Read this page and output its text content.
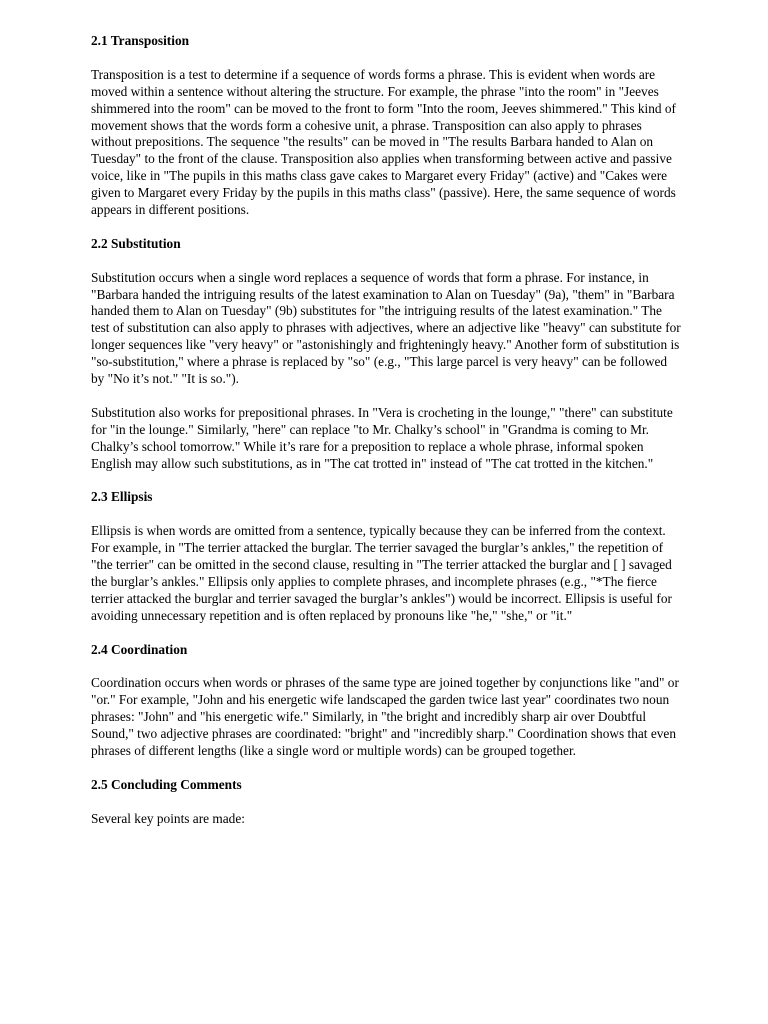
2.1 Transposition

Transposition is a test to determine if a sequence of words forms a phrase. This is evident when words are moved within a sentence without altering the structure. For example, the phrase "into the room" in "Jeeves shimmered into the room" can be moved to the front to form "Into the room, Jeeves shimmered." This kind of movement shows that the words form a cohesive unit, a phrase. Transposition can also apply to phrases without prepositions. The sequence "the results" can be moved in "The results Barbara handed to Alan on Tuesday" to the front of the clause. Transposition also applies when transforming between active and passive voice, like in "The pupils in this maths class gave cakes to Margaret every Friday" (active) and "Cakes were given to Margaret every Friday by the pupils in this maths class" (passive). Here, the same sequence of words appears in different positions.

2.2 Substitution

Substitution occurs when a single word replaces a sequence of words that form a phrase. For instance, in "Barbara handed the intriguing results of the latest examination to Alan on Tuesday" (9a), "them" in "Barbara handed them to Alan on Tuesday" (9b) substitutes for "the intriguing results of the latest examination." The test of substitution can also apply to phrases with adjectives, where an adjective like "heavy" can substitute for longer sequences like "very heavy" or "astonishingly and frighteningly heavy." Another form of substitution is "so-substitution," where a phrase is replaced by "so" (e.g., "This large parcel is very heavy" can be followed by "No it’s not." "It is so.").

Substitution also works for prepositional phrases. In "Vera is crocheting in the lounge," "there" can substitute for "in the lounge." Similarly, "here" can replace "to Mr. Chalky’s school" in "Grandma is coming to Mr. Chalky’s school tomorrow." While it’s rare for a preposition to replace a whole phrase, informal spoken English may allow such substitutions, as in "The cat trotted in" instead of "The cat trotted in the kitchen."

2.3 Ellipsis

Ellipsis is when words are omitted from a sentence, typically because they can be inferred from the context. For example, in "The terrier attacked the burglar. The terrier savaged the burglar’s ankles," the repetition of "the terrier" can be omitted in the second clause, resulting in "The terrier attacked the burglar and [ ] savaged the burglar’s ankles." Ellipsis only applies to complete phrases, and incomplete phrases (e.g., "*The fierce terrier attacked the burglar and terrier savaged the burglar’s ankles") would be incorrect. Ellipsis is useful for avoiding unnecessary repetition and is often replaced by pronouns like "he," "she," or "it."

2.4 Coordination

Coordination occurs when words or phrases of the same type are joined together by conjunctions like "and" or "or." For example, "John and his energetic wife landscaped the garden twice last year" coordinates two noun phrases: "John" and "his energetic wife." Similarly, in "the bright and incredibly sharp air over Doubtful Sound," two adjective phrases are coordinated: "bright" and "incredibly sharp." Coordination shows that even phrases of different lengths (like a single word or multiple words) can be grouped together.

2.5 Concluding Comments

Several key points are made:
